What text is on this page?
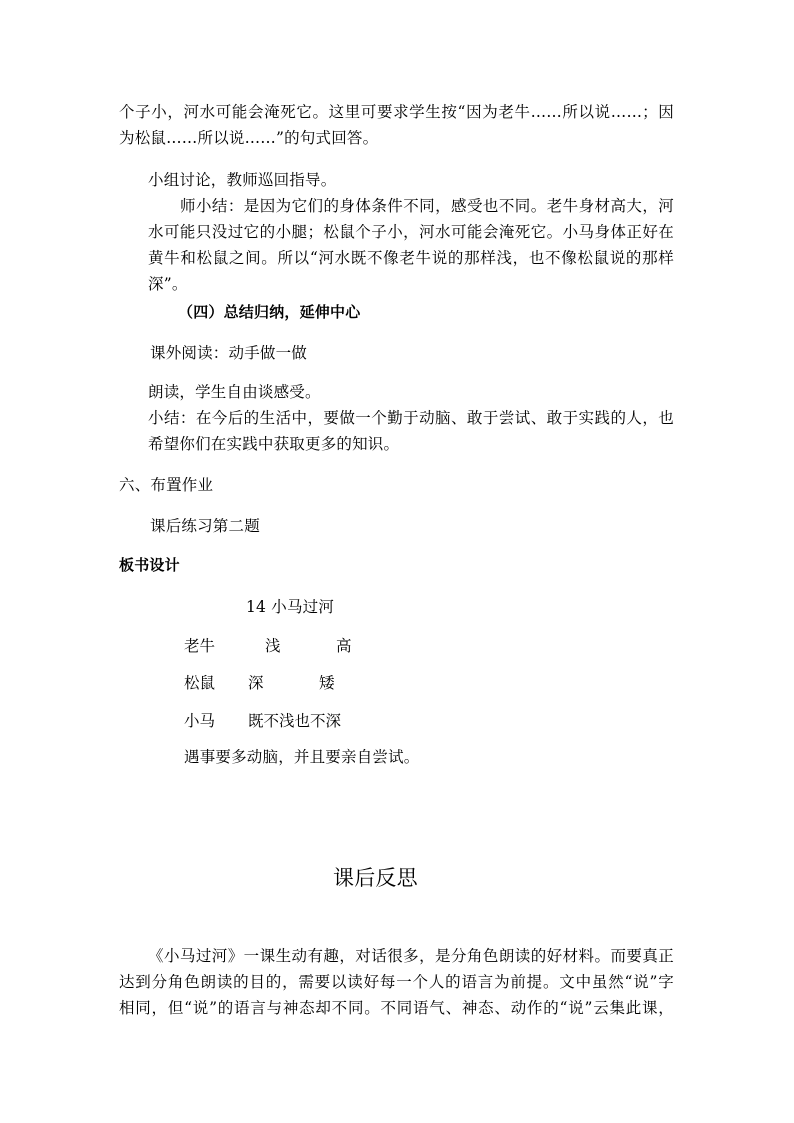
个子小，河水可能会淹死它。这里可要求学生按“因为老牛……所以说……；因
为松鼠……所以说……”的句式回答。
小组讨论，教师巡回指导。
师小结：是因为它们的身体条件不同，感受也不同。老牛身材高大，河
水可能只没过它的小腿；松鼠个子小，河水可能会淹死它。小马身体正好在
黄牛和松鼠之间。所以“河水既不像老牛说的那样浅，也不像松鼠说的那样
深”。
（四）总结归纳，延伸中心
课外阅读：动手做一做
朗读，学生自由谈感受。
小结：在今后的生活中，要做一个勤于动脑、敢于尝试、敢于实践的人，也
希望你们在实践中获取更多的知识。
六、布置作业
课后练习第二题
板书设计
14 小马过河
老牛	浅	高
松鼠 深	矮
小马 既不浅也不深
遇事要多动脑，并且要亲自尝试。
课后反思
《小马过河》一课生动有趣，对话很多，是分角色朗读的好材料。而要真正
达到分角色朗读的目的，需要以读好每一个人的语言为前提。文中虽然“说”字
相同，但“说”的语言与神态却不同。不同语气、神态、动作的“说”云集此课，
